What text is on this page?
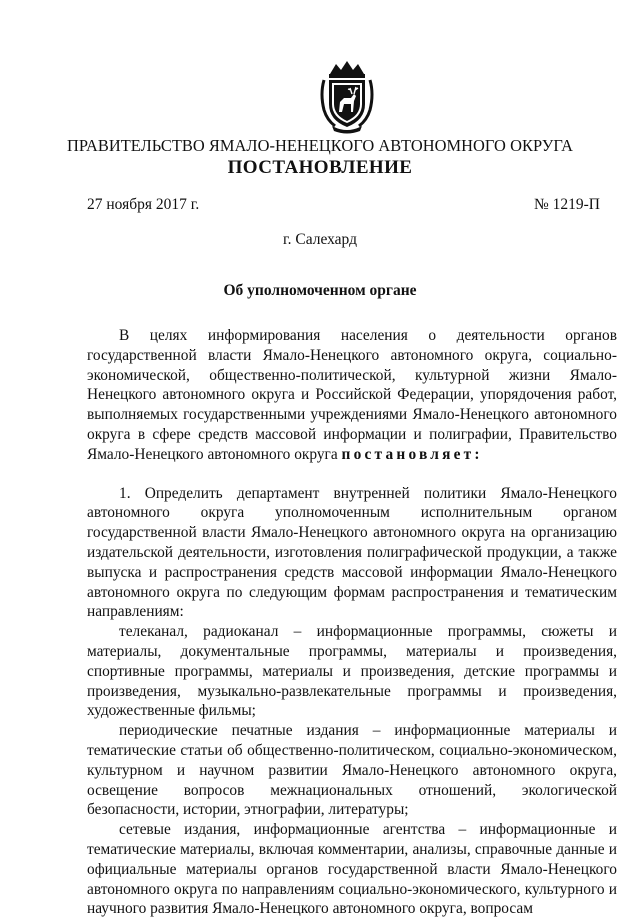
ПРАВИТЕЛЬСТВО ЯМАЛО-НЕНЕЦКОГО АВТОНОМНОГО ОКРУГА
ПОСТАНОВЛЕНИЕ
27 ноября 2017 г.	№ 1219-П
г. Салехард
Об уполномоченном органе

В целях информирования населения о деятельности органов государственной власти Ямало-Ненецкого автономного округа, социально-экономической, общественно-политической, культурной жизни Ямало-Ненецкого автономного округа и Российской Федерации, упорядочения работ, выполняемых государственными учреждениями Ямало-Ненецкого автономного округа в сфере средств массовой информации и полиграфии, Правительство Ямало-Ненецкого автономного округа постановляет:

1. Определить департамент внутренней политики Ямало-Ненецкого автономного округа уполномоченным исполнительным органом государственной власти Ямало-Ненецкого автономного округа на организацию издательской деятельности, изготовления полиграфической продукции, а также выпуска и распространения средств массовой информации Ямало-Ненецкого автономного округа по следующим формам распространения и тематическим направлениям:

телеканал, радиоканал – информационные программы, сюжеты и материалы, документальные программы, материалы и произведения, спортивные программы, материалы и произведения, детские программы и произведения, музыкально-развлекательные программы и произведения, художественные фильмы;

периодические печатные издания – информационные материалы и тематические статьи об общественно-политическом, социально-экономическом, культурном и научном развитии Ямало-Ненецкого автономного округа, освещение вопросов межнациональных отношений, экологической безопасности, истории, этнографии, литературы;

сетевые издания, информационные агентства – информационные и тематические материалы, включая комментарии, анализы, справочные данные и официальные материалы органов государственной власти Ямало-Ненецкого автономного округа по направлениям социально-экономического, культурного и научного развития Ямало-Ненецкого автономного округа, вопросам
